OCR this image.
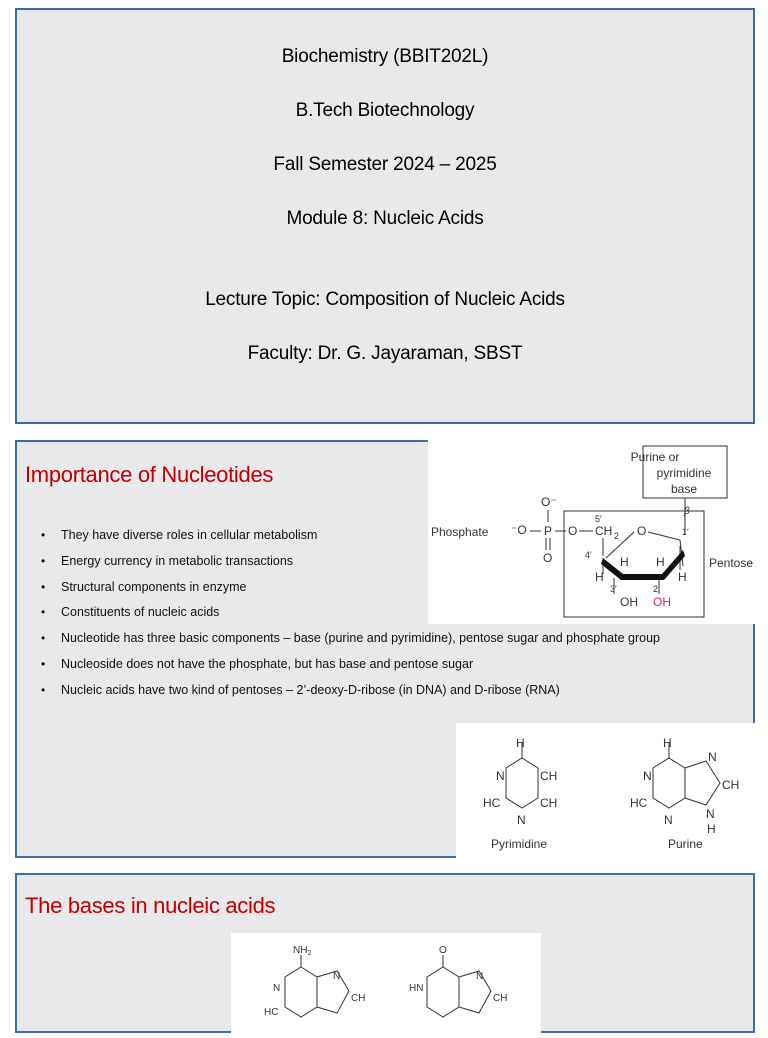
Biochemistry (BBIT202L)
B.Tech Biotechnology
Fall Semester 2024 – 2025
Module 8: Nucleic Acids
Lecture Topic: Composition of Nucleic Acids
Faculty: Dr. G. Jayaraman, SBST
Importance of Nucleotides
• They have diverse roles in cellular metabolism
• Energy currency in metabolic transactions
• Structural components in enzyme
• Constituents of nucleic acids
• Nucleotide has three basic components – base (purine and pyrimidine), pentose sugar and phosphate group
• Nucleoside does not have the phosphate, but has base and pentose sugar
• Nucleic acids have two kind of pentoses – 2’-deoxy-D-ribose (in DNA) and D-ribose (RNA)
Phosphate ⁻O
O⁻
P
O
O CH 2
5′
O
4′ H H
H	H
3′	2′
OH OH
1′
β
Pentose
Purine or
pyrimidine
base
H
N	CH
HC	CH
N
Pyrimidine
H
N
HC
N
N
CH
N
H
Purine
The bases in nucleic acids
$NH_2$	O
N
N
CH
HC
HN
N
CH
